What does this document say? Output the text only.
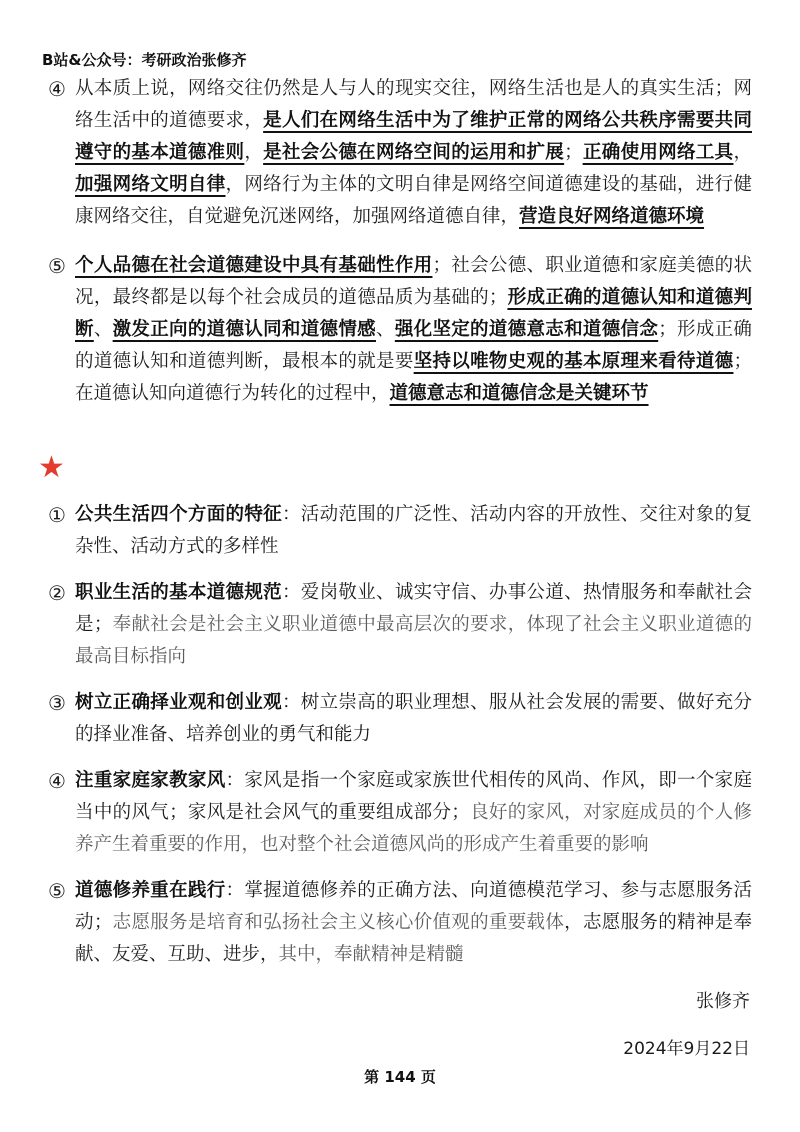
B站&公众号：考研政治张修齐
④ 从本质上说，网络交往仍然是人与人的现实交往，网络生活也是人的真实生活；网络生活中的道德要求，是人们在网络生活中为了维护正常的网络公共秩序需要共同遵守的基本道德准则，是社会公德在网络空间的运用和扩展；正确使用网络工具，加强网络文明自律，网络行为主体的文明自律是网络空间道德建设的基础，进行健康网络交往，自觉避免沉迷网络，加强网络道德自律，营造良好网络道德环境

⑤ 个人品德在社会道德建设中具有基础性作用；社会公德、职业道德和家庭美德的状况，最终都是以每个社会成员的道德品质为基础的；形成正确的道德认知和道德判断、激发正向的道德认同和道德情感、强化坚定的道德意志和道德信念；形成正确的道德认知和道德判断，最根本的就是要坚持以唯物史观的基本原理来看待道德；在道德认知向道德行为转化的过程中，道德意志和道德信念是关键环节

★
① 公共生活四个方面的特征：活动范围的广泛性、活动内容的开放性、交往对象的复杂性、活动方式的多样性

② 职业生活的基本道德规范：爱岗敬业、诚实守信、办事公道、热情服务和奉献社会是；奉献社会是社会主义职业道德中最高层次的要求，体现了社会主义职业道德的最高目标指向

③ 树立正确择业观和创业观：树立崇高的职业理想、服从社会发展的需要、做好充分的择业准备、培养创业的勇气和能力

④ 注重家庭家教家风：家风是指一个家庭或家族世代相传的风尚、作风，即一个家庭当中的风气；家风是社会风气的重要组成部分；良好的家风，对家庭成员的个人修养产生着重要的作用，也对整个社会道德风尚的形成产生着重要的影响

⑤ 道德修养重在践行：掌握道德修养的正确方法、向道德模范学习、参与志愿服务活动；志愿服务是培育和弘扬社会主义核心价值观的重要载体，志愿服务的精神是奉献、友爱、互助、进步，其中，奉献精神是精髓

张修齐
2024年9月22日
第 144 页
